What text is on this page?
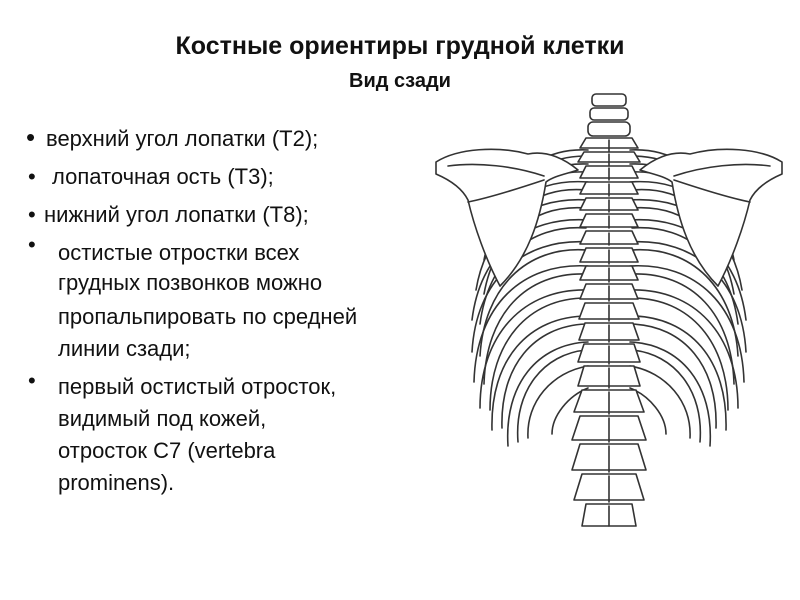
Костные ориентиры грудной клетки
Вид сзади
• верхний угол лопатки (Т2);
• лопаточная ость (Т3);
• нижний угол лопатки (Т8);
• остистые отростки всех
грудных позвонков можно
пропальпировать по средней
линии сзади;
• первый остистый отросток,
видимый под кожей,
отросток С7 (vertebra
prominens).
